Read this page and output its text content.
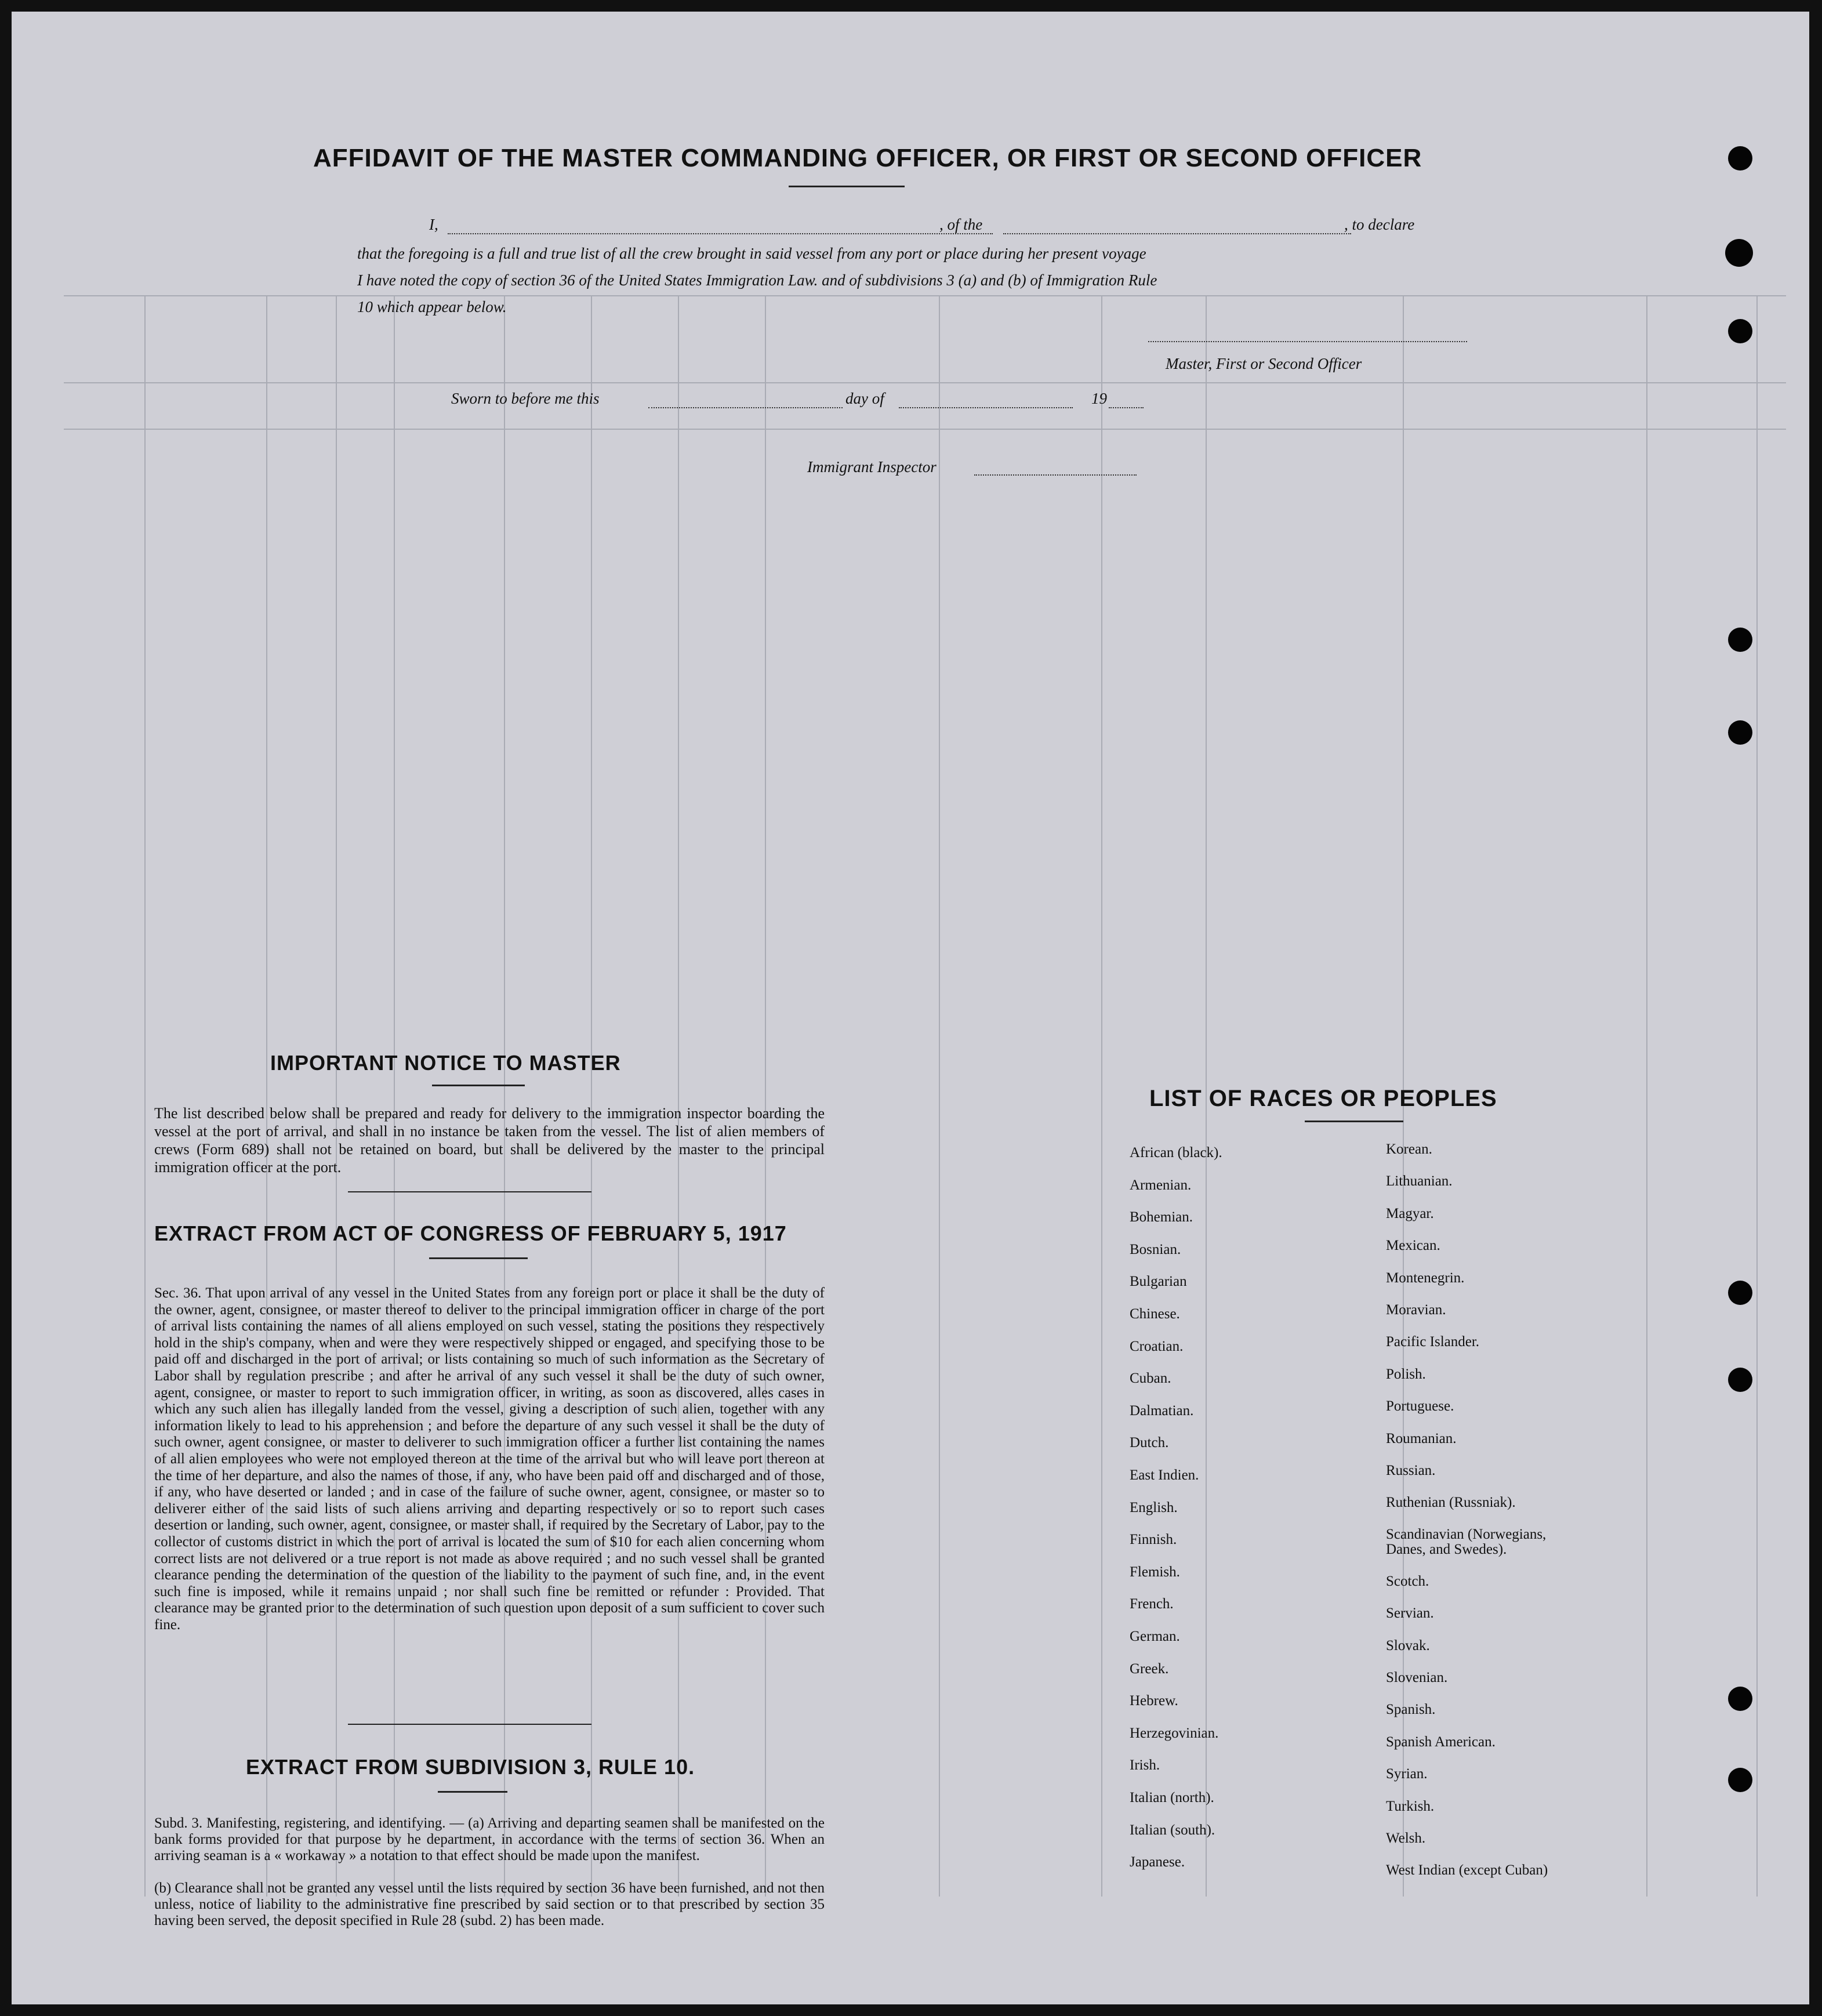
AFFIDAVIT OF THE MASTER COMMANDING OFFICER, OR FIRST OR SECOND OFFICER
I,	, of the	, to declare
that the foregoing is a full and true list of all the crew brought in said vessel from any port or place during her present voyage
I have noted the copy of section 36 of the United States Immigration Law. and of subdivisions 3 (a) and (b) of Immigration Rule
10 which appear below.
Master, First or Second Officer
Sworn to before me this	day of	19
Immigrant Inspector
IMPORTANT NOTICE TO MASTER
The list described below shall be prepared and ready for delivery to the immigration inspector boarding the vessel at the port of arrival, and shall in no instance be taken from the vessel. The list of alien members of crews (Form 689) shall not be retained on board, but shall be delivered by the master to the principal immigration officer at the port.
EXTRACT FROM ACT OF CONGRESS OF FEBRUARY 5, 1917
Sec. 36. That upon arrival of any vessel in the United States from any foreign port or place it shall be the duty of the owner, agent, consignee, or master thereof to deliver to the principal immigration officer in charge of the port of arrival lists containing the names of all aliens employed on such vessel, stating the positions they respectively hold in the ship's company, when and were they were respectively shipped or engaged, and specifying those to be paid off and discharged in the port of arrival; or lists containing so much of such information as the Secretary of Labor shall by regulation prescribe ; and after he arrival of any such vessel it shall be the duty of such owner, agent, consignee, or master to report to such immigration officer, in writing, as soon as discovered, alles cases in which any such alien has illegally landed from the vessel, giving a description of such alien, together with any information likely to lead to his apprehension ; and before the departure of any such vessel it shall be the duty of such owner, agent consignee, or master to deliverer to such immigration officer a further list containing the names of all alien employees who were not employed thereon at the time of the arrival but who will leave port thereon at the time of her departure, and also the names of those, if any, who have been paid off and discharged and of those, if any, who have deserted or landed ; and in case of the failure of suche owner, agent, consignee, or master so to deliverer either of the said lists of such aliens arriving and departing respectively or so to report such cases desertion or landing, such owner, agent, consignee, or master shall, if required by the Secretary of Labor, pay to the collector of customs district in which the port of arrival is located the sum of $10 for each alien concerning whom correct lists are not delivered or a true report is not made as above required ; and no such vessel shall be granted clearance pending the determination of the question of the liability to the payment of such fine, and, in the event such fine is imposed, while it remains unpaid ; nor shall such fine be remitted or refunder : Provided. That clearance may be granted prior to the determination of such question upon deposit of a sum sufficient to cover such fine.
EXTRACT FROM SUBDIVISION 3, RULE 10.
Subd. 3. Manifesting, registering, and identifying. — (a) Arriving and departing seamen shall be manifested on the bank forms provided for that purpose by he department, in accordance with the terms of section 36. When an arriving seaman is a « workaway » a notation to that effect should be made upon the manifest.
(b) Clearance shall not be granted any vessel until the lists required by section 36 have been furnished, and not then unless, notice of liability to the administrative fine prescribed by said section or to that prescribed by section 35 having been served, the deposit specified in Rule 28 (subd. 2) has been made.
LIST OF RACES OR PEOPLES
African (black).
Armenian.
Bohemian.
Bosnian.
Bulgarian
Chinese.
Croatian.
Cuban.
Dalmatian.
Dutch.
East Indien.
English.
Finnish.
Flemish.
French.
German.
Greek.
Hebrew.
Herzegovinian.
Irish.
Italian (north).
Italian (south).
Japanese.
Korean.
Lithuanian.
Magyar.
Mexican.
Montenegrin.
Moravian.
Pacific Islander.
Polish.
Portuguese.
Roumanian.
Russian.
Ruthenian (Russniak).
Scandinavian (Norwegians, Danes, and Swedes).
Scotch.
Servian.
Slovak.
Slovenian.
Spanish.
Spanish American.
Syrian.
Turkish.
Welsh.
West Indian (except Cuban)
